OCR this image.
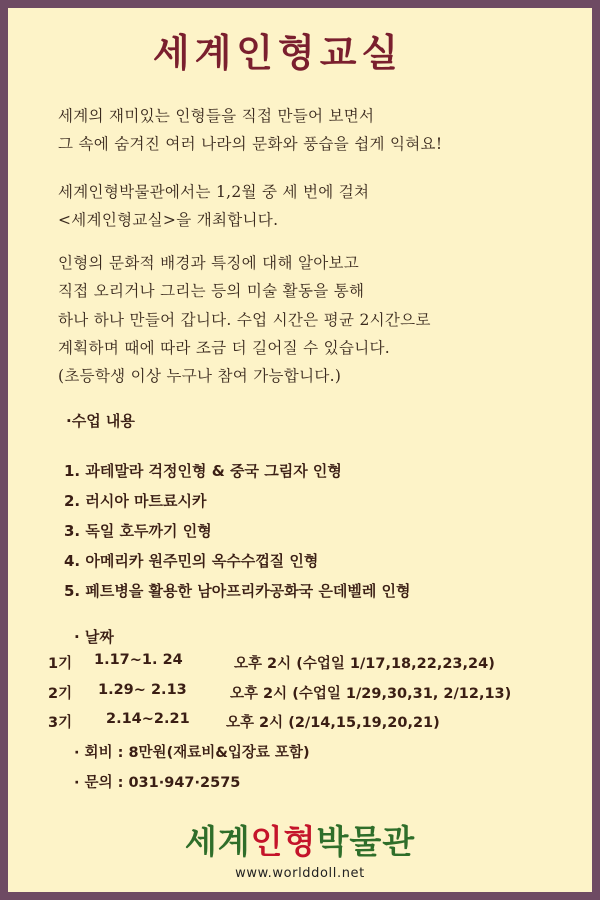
세계인형교실
세계의 재미있는 인형들을 직접 만들어 보면서
그 속에 숨겨진 여러 나라의 문화와 풍습을 쉽게 익혀요!
세계인형박물관에서는 1,2월 중 세 번에 걸쳐
<세계인형교실>을 개최합니다.
인형의 문화적 배경과 특징에 대해 알아보고
직접 오리거나 그리는 등의 미술 활동을 통해
하나 하나 만들어 갑니다. 수업 시간은 평균 2시간으로
계획하며 때에 따라 조금 더 길어질 수 있습니다.
(초등학생 이상 누구나 참여 가능합니다.)
·수업 내용
1. 과테말라 걱정인형 & 중국 그림자 인형
2. 러시아 마트료시카
3. 독일 호두까기 인형
4. 아메리카 원주민의 옥수수껍질 인형
5. 페트병을 활용한 남아프리카공화국 은데벨레 인형
· 날짜
1기 1.17~1. 24	오후 2시 (수업일 1/17,18,22,23,24)
2기 1.29~ 2.13	오후 2시 (수업일 1/29,30,31, 2/12,13)
3기 2.14~2.21	오후 2시 (2/14,15,19,20,21)
· 회비 : 8만원(재료비&입장료 포함)
· 문의 : 031·947·2575
세계인형박물관
www.worlddoll.net
